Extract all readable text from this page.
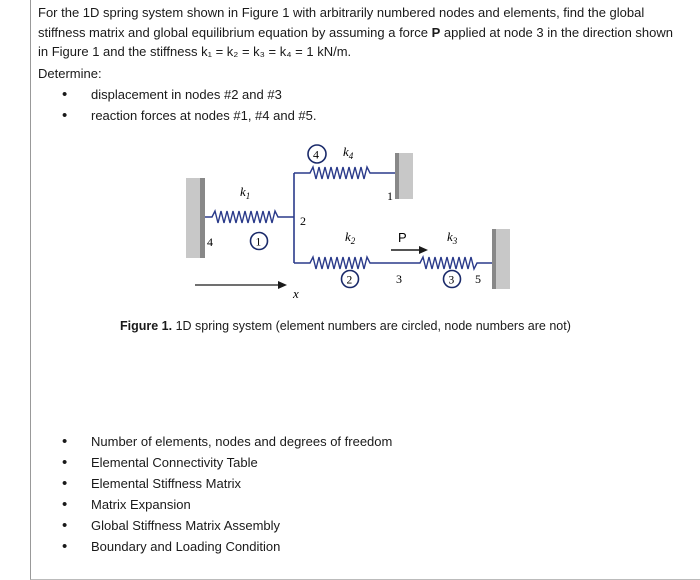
For the 1D spring system shown in Figure 1 with arbitrarily numbered nodes and elements, find the global
stiffness matrix and global equilibrium equation by assuming a force P applied at node 3 in the direction shown
in Figure 1 and the stiffness k₁ = k₂ = k₃ = k₄ = 1 kN/m.
Determine:
• displacement in nodes #2 and #3
• reaction forces at nodes #1, #4 and #5.
4	1
$k_1$
2
4 $k_4$
1
$k_2$
2
P
3
$k_3$
3 5
x
Figure 1. 1D spring system (element numbers are circled, node numbers are not)
• Number of elements, nodes and degrees of freedom
• Elemental Connectivity Table
• Elemental Stiffness Matrix
• Matrix Expansion
• Global Stiffness Matrix Assembly
• Boundary and Loading Condition
